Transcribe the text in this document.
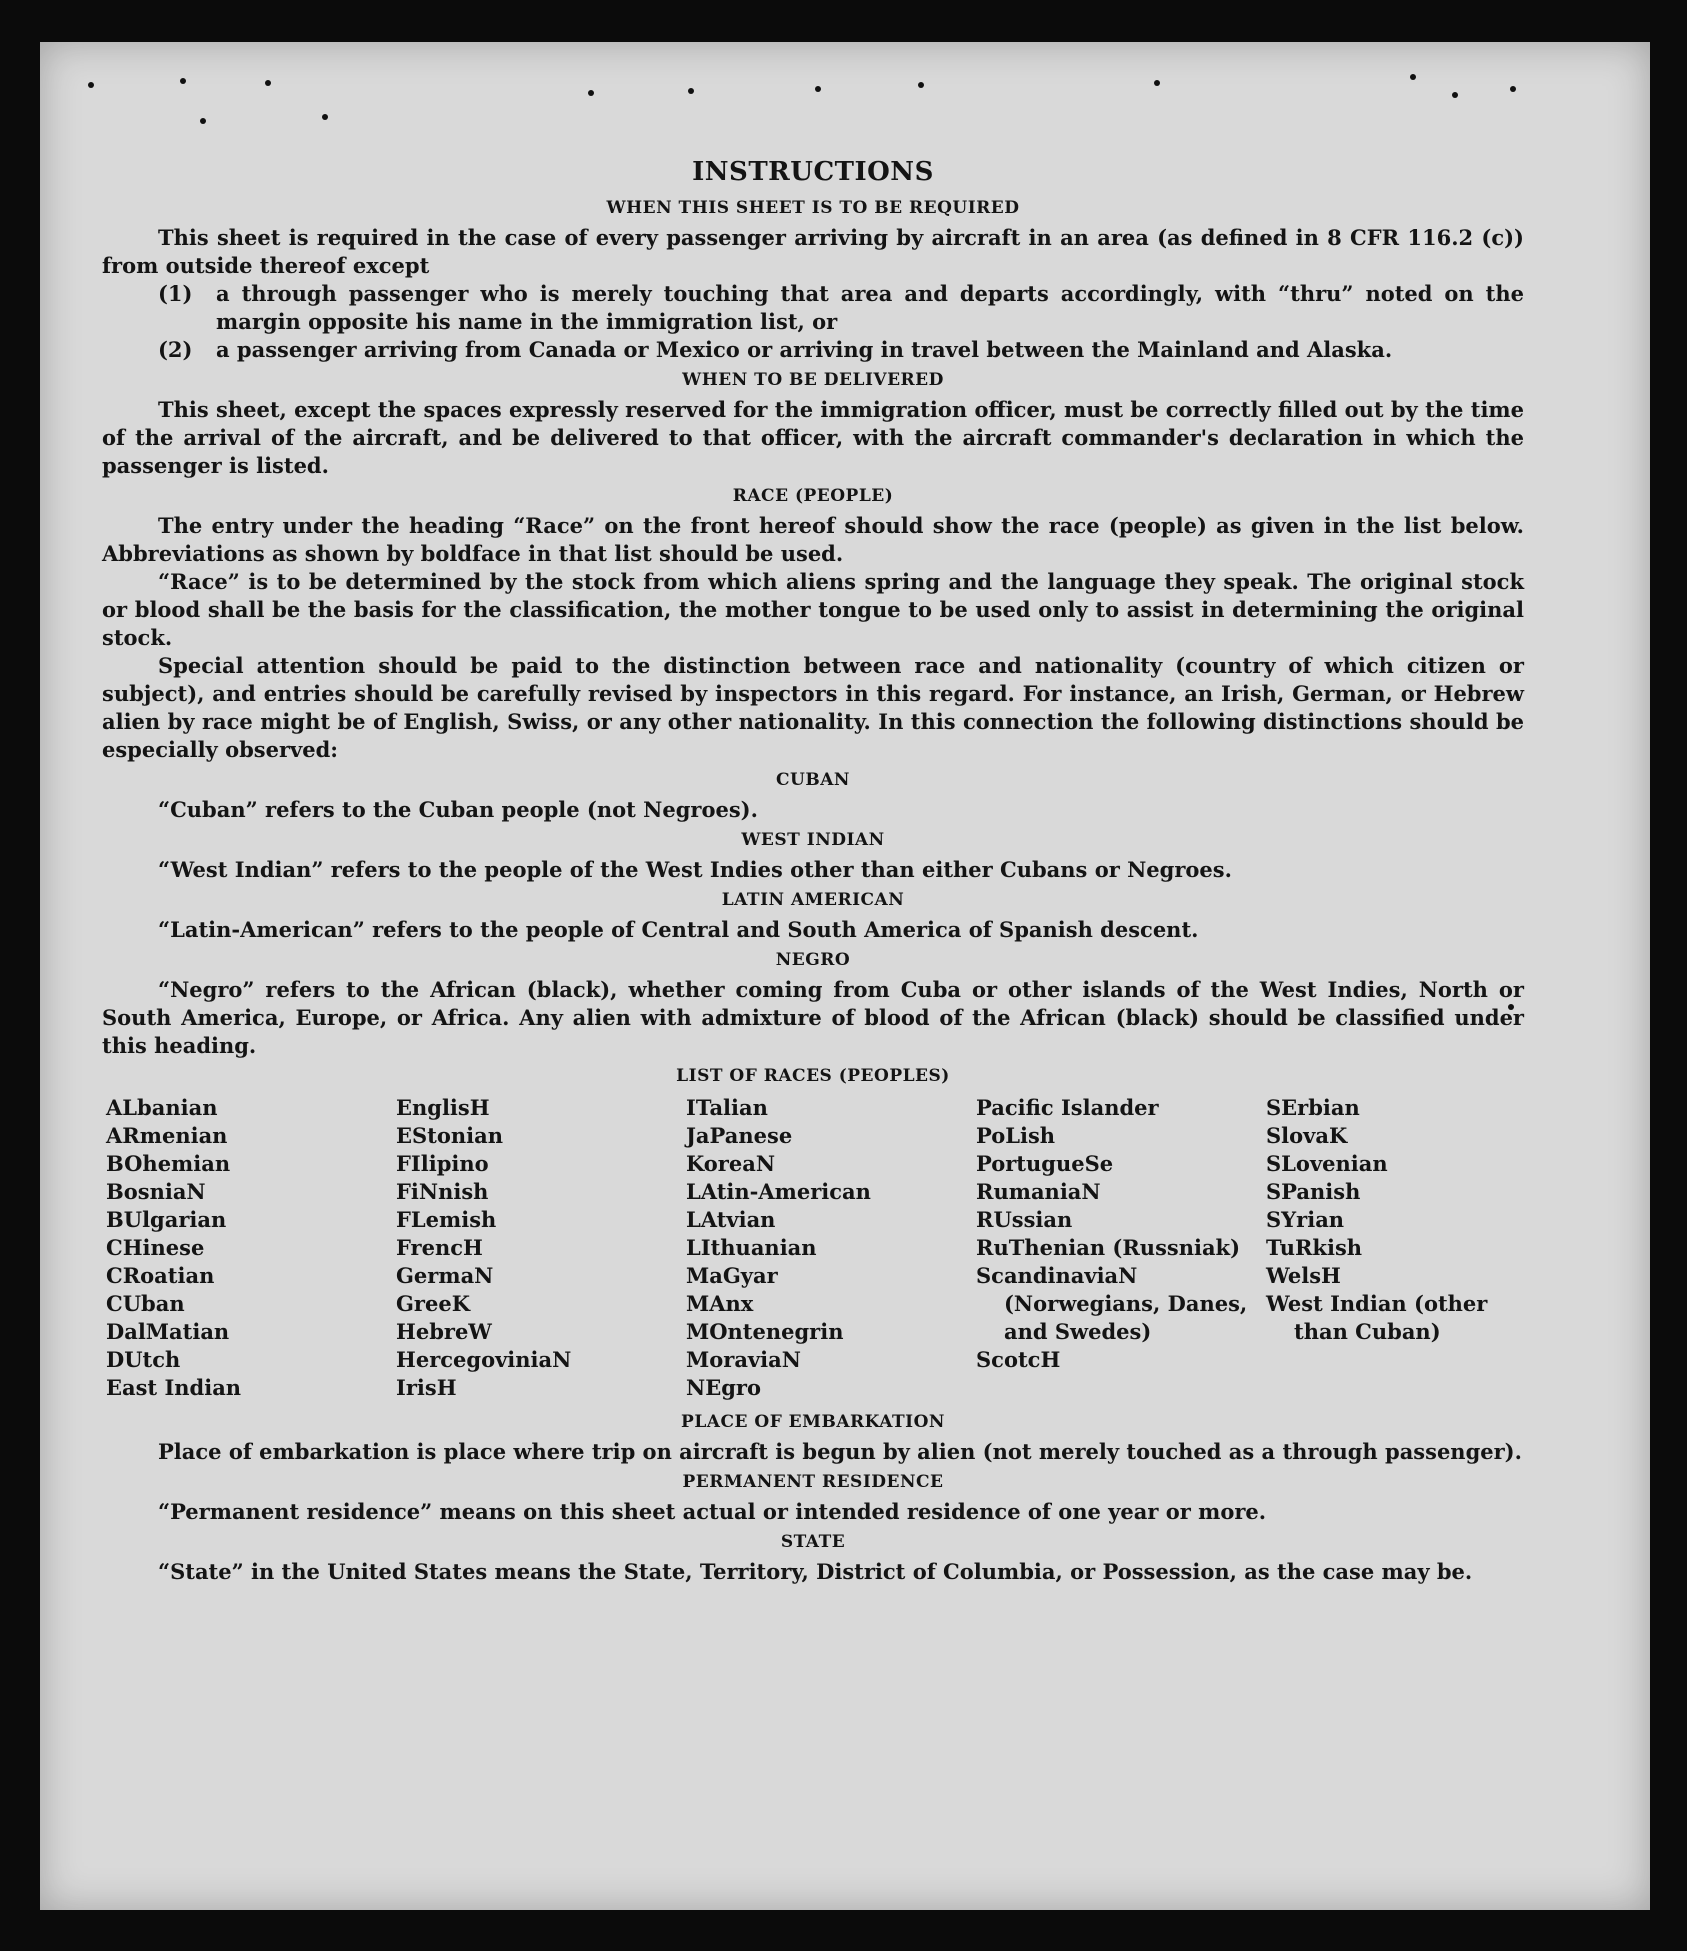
INSTRUCTIONS
WHEN THIS SHEET IS TO BE REQUIRED

This sheet is required in the case of every passenger arriving by aircraft in an area (as defined in 8 CFR 116.2 (c)) from outside thereof except

(1) a through passenger who is merely touching that area and departs accordingly, with “thru” noted on the margin opposite his name in the immigration list, or
(2) a passenger arriving from Canada or Mexico or arriving in travel between the Mainland and Alaska.
WHEN TO BE DELIVERED

This sheet, except the spaces expressly reserved for the immigration officer, must be correctly filled out by the time of the arrival of the aircraft, and be delivered to that officer, with the aircraft commander's declaration in which the passenger is listed.

RACE (PEOPLE)

The entry under the heading “Race” on the front hereof should show the race (people) as given in the list below. Abbreviations as shown by boldface in that list should be used.

“Race” is to be determined by the stock from which aliens spring and the language they speak. The original stock or blood shall be the basis for the classification, the mother tongue to be used only to assist in determining the original stock.

Special attention should be paid to the distinction between race and nationality (country of which citizen or subject), and entries should be carefully revised by inspectors in this regard. For instance, an Irish, German, or Hebrew alien by race might be of English, Swiss, or any other nationality. In this connection the following distinctions should be especially observed:

CUBAN

“Cuban” refers to the Cuban people (not Negroes).

WEST INDIAN

“West Indian” refers to the people of the West Indies other than either Cubans or Negroes.

LATIN AMERICAN

“Latin-American” refers to the people of Central and South America of Spanish descent.

NEGRO

“Negro” refers to the African (black), whether coming from Cuba or other islands of the West Indies, North or South America, Europe, or Africa. Any alien with admixture of blood of the African (black) should be classified under this heading.

LIST OF RACES (PEOPLES)
ALbanian
ARmenian
BOhemian
BosniaN
BUlgarian
CHinese
CRoatian
CUban
DalMatian
DUtch
East Indian
EnglisH
EStonian
FIlipino
FiNnish
FLemish
FrencH
GermaN
GreeK
HebreW
HercegoviniaN
IrisH
ITalian
JaPanese
KoreaN
LAtin-American
LAtvian
LIthuanian
MaGyar
MAnx
MOntenegrin
MoraviaN
NEgro
Pacific Islander
PoLish
PortugueSe
RumaniaN
RUssian
RuThenian (Russniak)
ScandinaviaN (Norwegians, Danes, and Swedes)
ScotcH
SErbian
SlovaK
SLovenian
SPanish
SYrian
TuRkish
WelsH
West Indian (other than Cuban)
PLACE OF EMBARKATION

Place of embarkation is place where trip on aircraft is begun by alien (not merely touched as a through passenger).

PERMANENT RESIDENCE

“Permanent residence” means on this sheet actual or intended residence of one year or more.

STATE

“State” in the United States means the State, Territory, District of Columbia, or Possession, as the case may be.
